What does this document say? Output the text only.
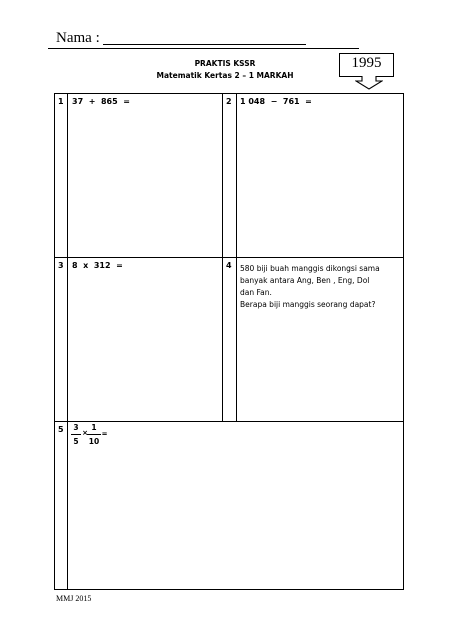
Nama :
PRAKTIS KSSR
Matematik Kertas 2 – 1 MARKAH
1995
1 37  +  865  =	2 1 048  −  761  =
3 8  x  312  =	4 580 biji buah manggis dikongsi sama
banyak antara Ang, Ben , Eng, Dol
dan Fan.
Berapa biji manggis seorang dapat?
5	3
5
×
1
10
=
MMJ 2015
